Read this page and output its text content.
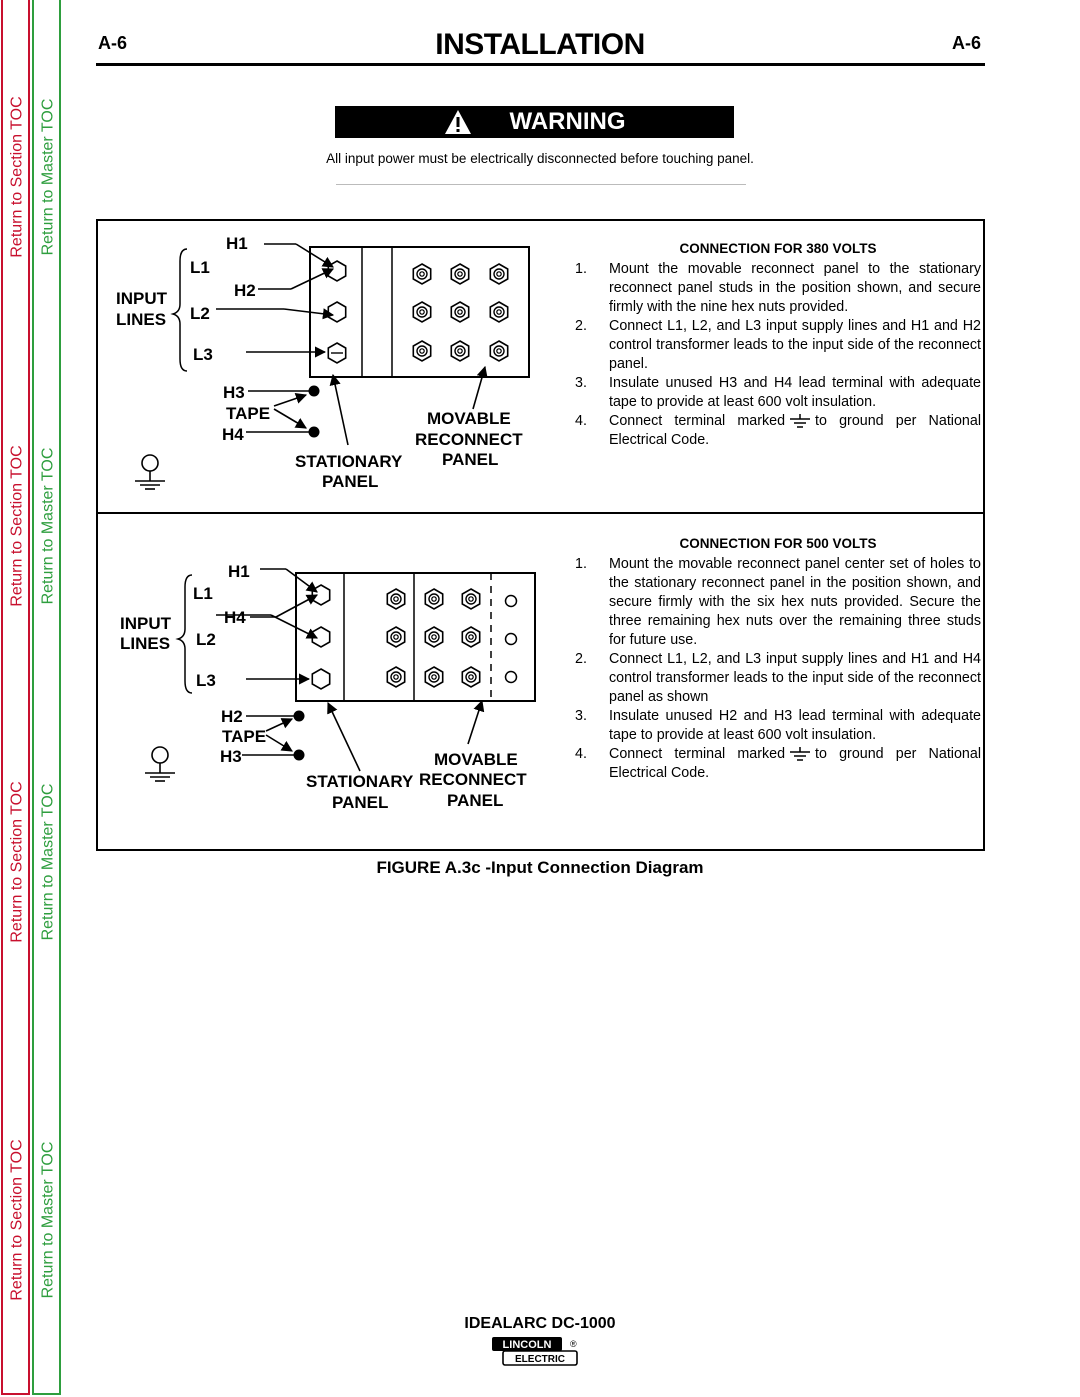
Return to Section TOC
Return to Section TOC
Return to Section TOC
Return to Section TOC
Return to Master TOC
Return to Master TOC
Return to Master TOC
Return to Master TOC
A-6	INSTALLATION	A-6
WARNING
All input power must be electrically disconnected before touching panel.
H1
L1
H2
INPUT
LINES L2
L3
H3
TAPE
H4
MOVABLE
RECONNECT
PANEL
STATIONARY
PANEL
H1
L1
H4
INPUT
LINES L2
L3
H2
TAPE
H3	MOVABLE
RECONNECT
PANEL
STATIONARY
PANEL
CONNECTION FOR 380 VOLTS
1.	Mount the movable reconnect panel to the stationary reconnect panel studs in the position shown, and secure firmly with the nine hex nuts provided.
2.	Connect L1, L2, and L3 input supply lines and H1 and H2 control transformer leads to the input side of the reconnect panel.
3.	Insulate unused H3 and H4 lead terminal with adequate tape to provide at least 600 volt insulation.
4.	Connect terminal marked to ground per National Electrical Code.
CONNECTION FOR 500 VOLTS
1.	Mount the movable reconnect panel center set of holes to the stationary reconnect panel in the position shown, and secure firmly with the six hex nuts provided. Secure the three remaining hex nuts over the remaining three studs for future use.
2.	Connect L1, L2, and L3 input supply lines and H1 and H4 control transformer leads to the input side of the reconnect panel as shown
3.	Insulate unused H2 and H3 lead terminal with adequate tape to provide at least 600 volt insulation.
4.	Connect terminal marked to ground per National Electrical Code.
FIGURE A.3c -Input Connection Diagram
IDEALARC DC-1000
LINCOLN ®
ELECTRIC
